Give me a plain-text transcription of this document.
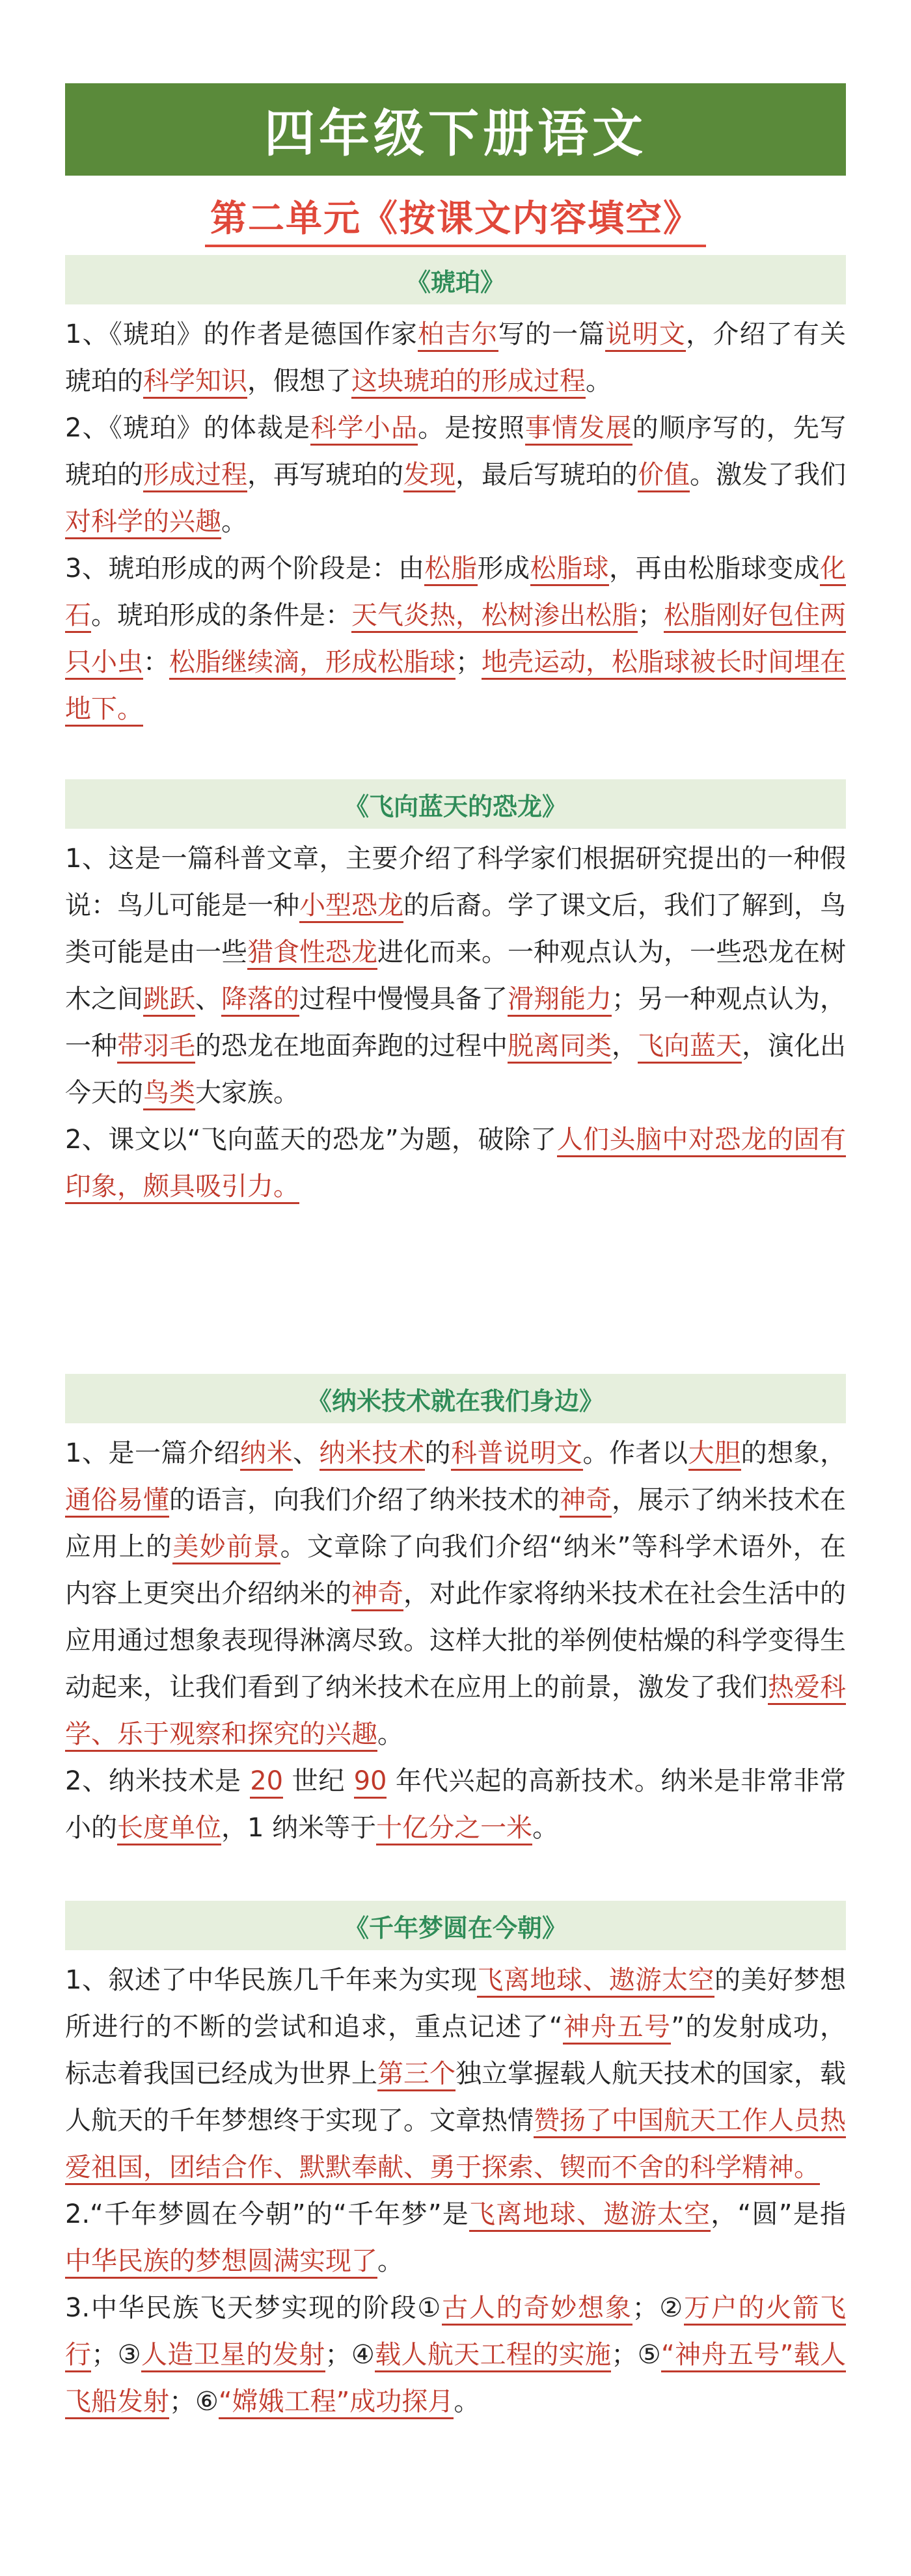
四年级下册语文
第二单元《按课文内容填空》
《琥珀》

1、《琥珀》的作者是德国作家柏吉尔写的一篇说明文，介绍了有关琥珀的科学知识，假想了这块琥珀的形成过程。

2、《琥珀》的体裁是科学小品。是按照事情发展的顺序写的，先写琥珀的形成过程，再写琥珀的发现，最后写琥珀的价值。激发了我们对科学的兴趣。

3、琥珀形成的两个阶段是：由松脂形成松脂球，再由松脂球变成化石。琥珀形成的条件是：天气炎热，松树渗出松脂；松脂刚好包住两只小虫：松脂继续滴，形成松脂球；地壳运动，松脂球被长时间埋在地下。

《飞向蓝天的恐龙》

1、这是一篇科普文章，主要介绍了科学家们根据研究提出的一种假说：鸟儿可能是一种小型恐龙的后裔。学了课文后，我们了解到，鸟类可能是由一些猎食性恐龙进化而来。一种观点认为，一些恐龙在树木之间跳跃、降落的过程中慢慢具备了滑翔能力；另一种观点认为，一种带羽毛的恐龙在地面奔跑的过程中脱离同类，飞向蓝天，演化出今天的鸟类大家族。

2、课文以“飞向蓝天的恐龙”为题，破除了人们头脑中对恐龙的固有印象，颇具吸引力。

《纳米技术就在我们身边》

1、是一篇介绍纳米、纳米技术的科普说明文。作者以大胆的想象，通俗易懂的语言，向我们介绍了纳米技术的神奇，展示了纳米技术在应用上的美妙前景。文章除了向我们介绍“纳米”等科学术语外，在内容上更突出介绍纳米的神奇，对此作家将纳米技术在社会生活中的应用通过想象表现得淋漓尽致。这样大批的举例使枯燥的科学变得生动起来，让我们看到了纳米技术在应用上的前景，激发了我们热爱科学、乐于观察和探究的兴趣。

2、纳米技术是 20 世纪 90 年代兴起的高新技术。纳米是非常非常小的长度单位，1 纳米等于十亿分之一米。

《千年梦圆在今朝》

1、叙述了中华民族几千年来为实现飞离地球、遨游太空的美好梦想所进行的不断的尝试和追求，重点记述了“神舟五号”的发射成功，标志着我国已经成为世界上第三个独立掌握载人航天技术的国家，载人航天的千年梦想终于实现了。文章热情赞扬了中国航天工作人员热爱祖国，团结合作、默默奉献、勇于探索、锲而不舍的科学精神。

2.“千年梦圆在今朝”的“千年梦”是飞离地球、遨游太空，“圆”是指中华民族的梦想圆满实现了。

3.中华民族飞天梦实现的阶段①古人的奇妙想象；②万户的火箭飞行；③人造卫星的发射；④载人航天工程的实施；⑤“神舟五号”载人飞船发射；⑥“嫦娥工程”成功探月。
